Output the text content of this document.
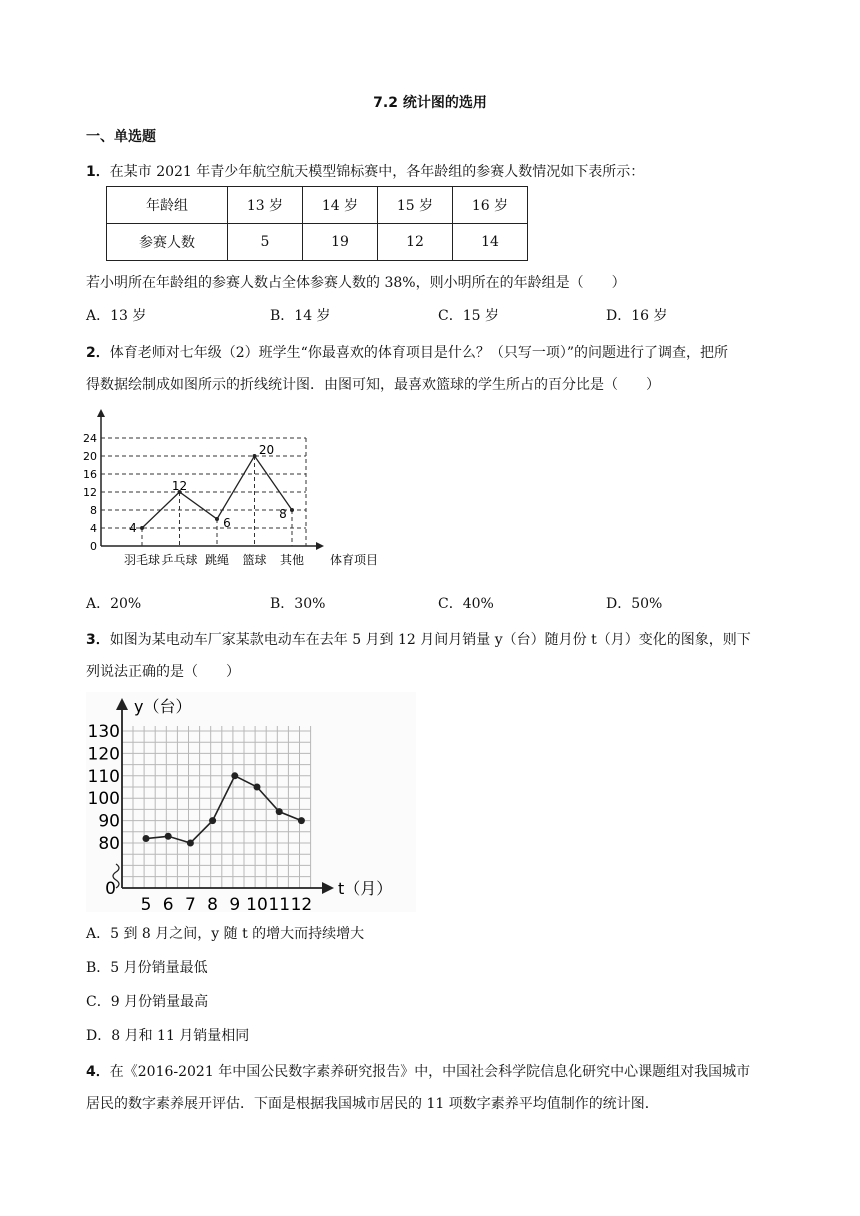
7.2 统计图的选用
一、单选题
1．在某市 2021 年青少年航空航天模型锦标赛中，各年龄组的参赛人数情况如下表所示：
年龄组	13 岁	14 岁	15 岁	16 岁
参赛人数	5	19	12	14
若小明所在年龄组的参赛人数占全体参赛人数的 38%，则小明所在的年龄组是（　　）
A．13 岁	B．14 岁	C．15 岁	D．16 岁
2．体育老师对七年级（2）班学生“你最喜欢的体育项目是什么？（只写一项）”的问题进行了调查，把所
得数据绘制成如图所示的折线统计图．由图可知，最喜欢篮球的学生所占的百分比是（　　）
0
4
8
12
16
20
24
4
12
6
20
8
羽毛球 乒乓球 跳绳 篮球 其他 体育项目
A．20%	B．30%	C．40%	D．50%
3．如图为某电动车厂家某款电动车在去年 5 月到 12 月间月销量 y（台）随月份 t（月）变化的图象，则下
列说法正确的是（　　）
0
80
90
100
110
120
130
5 6 7 8 9 10 11 12
y（台）
t（月）
A．5 到 8 月之间，y 随 t 的增大而持续增大
B．5 月份销量最低
C．9 月份销量最高
D．8 月和 11 月销量相同
4．在《2016-2021 年中国公民数字素养研究报告》中，中国社会科学院信息化研究中心课题组对我国城市
居民的数字素养展开评估．下面是根据我国城市居民的 11 项数字素养平均值制作的统计图．
